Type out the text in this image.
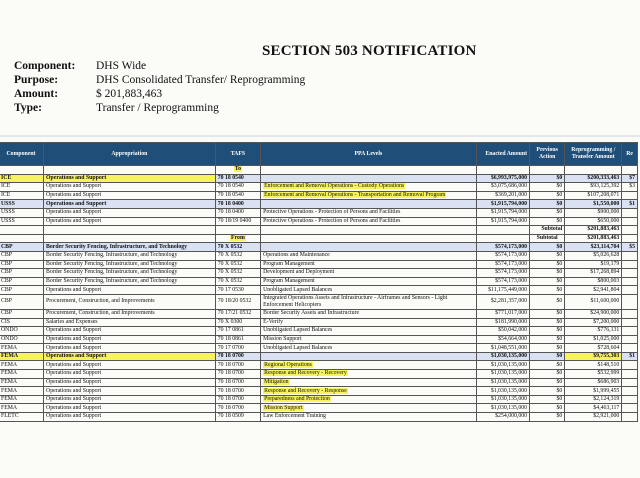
SECTION 503 NOTIFICATION
Component:	DHS Wide
Purpose:	DHS Consolidated Transfer/ Reprogramming
Amount:	$ 201,883,463
Type:	Transfer / Reprogramming
Component	Appropriation	TAFS	PPA Levels	Enacted Amount	Previous Action	Reprogramming / Transfer Amount	Re
		To					
ICE	Operations and Support	70 18 0540		$6,993,975,000	$0	$200,333,463	$7
ICE	Operations and Support	70 18 0540	Enforcement and Removal Operations - Custody Operations	$3,075,686,000	$0	$93,125,392	$3
ICE	Operations and Support	70 18 0540	Enforcement and Removal Operations - Transportation and Removal Program	$369,201,000	$0	$107,208,071	
USSS	Operations and Support	70 18 0400		$1,915,794,000	$0	$1,550,000	$1
USSS	Operations and Support	70 18 0400	Protective Operations - Protection of Persons and Facilities	$1,915,794,000	$0	$900,000	
USSS	Operations and Support	70 18/19 0400	Protective Operations - Protection of Persons and Facilities	$1,915,794,000	$0	$650,000	
					Subtotal	$201,883,463	
		From			Subtotal	$201,883,463	
CBP	Border Security Fencing, Infrastructure, and Technology	70 X 0532		$574,173,000	$0	$23,114,704	$5
CBP	Border Security Fencing, Infrastructure, and Technology	70 X 0532	Operations and Maintenance	$574,173,000	$0	$5,026,628	
CBP	Border Security Fencing, Infrastructure, and Technology	70 X 0532	Program Management	$574,173,000	$0	$19,179	
CBP	Border Security Fencing, Infrastructure, and Technology	70 X 0532	Development and Deployment	$574,173,000	$0	$17,268,894	
CBP	Border Security Fencing, Infrastructure, and Technology	70 X 0532	Program Management	$574,173,000	$0	$800,003	
CBP	Operations and Support	70 17 0530	Unobligated Lapsed Balances	$11,175,449,000	$0	$2,941,804	
CBP	Procurement, Construction, and Improvements	70 18/20 0532	Integrated Operations Assets and Infrastructure - Airframes and Sensors - Light Enforcement Helicopters	$2,281,357,000	$0	$11,600,000	
CBP	Procurement, Construction, and Improvements	70 17/21 0532	Border Security Assets and Infrastructure	$771,017,000	$0	$24,900,000	
CIS	Salaries and Expenses	70 X 0300	E-Verify	$181,990,000	$0	$7,200,000	
ONDO	Operations and Support	70 17 0861	Unobligated Lapsed Balances	$50,042,000	$0	$776,131	
ONDO	Operations and Support	70 18 0861	Mission Support	$54,664,000	$0	$1,025,000	
FEMA	Operations and Support	70 17 0700	Unobligated Lapsed Balances	$1,048,551,000	$0	$728,604	
FEMA	Operations and Support	70 18 0700		$1,030,135,000	$0	$9,755,303	$1
FEMA	Operations and Support	70 18 0700	Regional Operations	$1,030,135,000	$0	$148,510	
FEMA	Operations and Support	70 18 0700	Response and Recovery - Recovery	$1,030,135,000	$0	$532,999	
FEMA	Operations and Support	70 18 0700	Mitigation	$1,030,135,000	$0	$686,903	
FEMA	Operations and Support	70 18 0700	Response and Recovery - Response	$1,030,135,000	$0	$1,999,455	
FEMA	Operations and Support	70 18 0700	Preparedness and Protection	$1,030,135,000	$0	$2,124,319	
FEMA	Operations and Support	70 18 0700	Mission Support	$1,030,135,000	$0	$4,463,117	
FLETC	Operations and Support	70 18 0509	Law Enforcement Training	$254,000,000	$0	$2,921,000	
